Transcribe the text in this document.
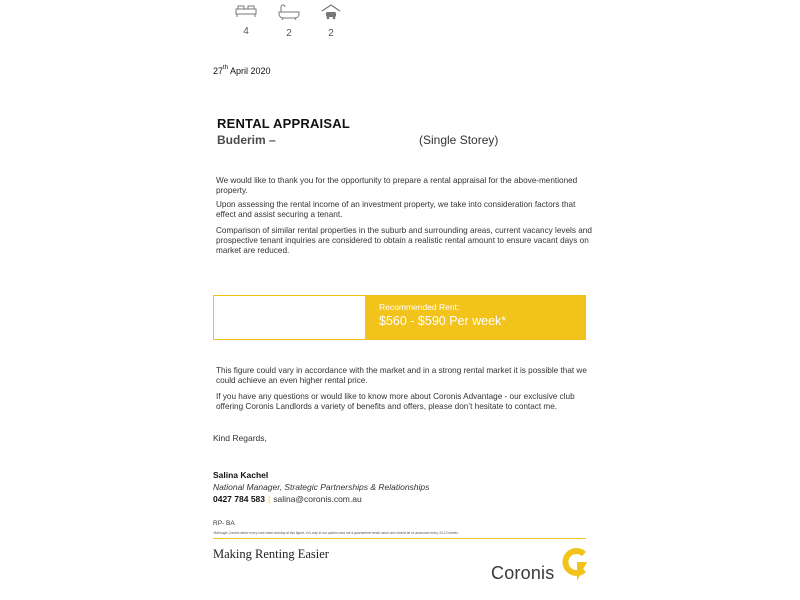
27th April 2020
RENTAL APPRAISAL
Buderim –	(Single Storey)
We would like to thank you for the opportunity to prepare a rental appraisal for the above-mentioned property.
Upon assessing the rental income of an investment property, we take into consideration factors that effect and assist securing a tenant.
Comparison of similar rental properties in the suburb and surrounding areas, current vacancy levels and prospective tenant inquiries are considered to obtain a realistic rental amount to ensure vacant days on market are reduced.
4	2	2
Recommended Rent:
$560 - $590 Per week*
This figure could vary in accordance with the market and in a strong rental market it is possible that we could achieve an even higher rental price.
If you have any questions or would like to know more about Coronis Advantage - our exclusive club offering Coronis Landlords a variety of benefits and offers, please don’t hesitate to contact me.
Kind Regards,
Salina Kachel
National Manager, Strategic Partnerships & Relationships
0427 784 583 | salina@coronis.com.au
RP- BA
*Although Coronis takes every care when arriving at this figure, it is only in our opinion and not a guaranteed rental value and should be re-assessed every 10-12 weeks.
Making Renting Easier
Coronis
